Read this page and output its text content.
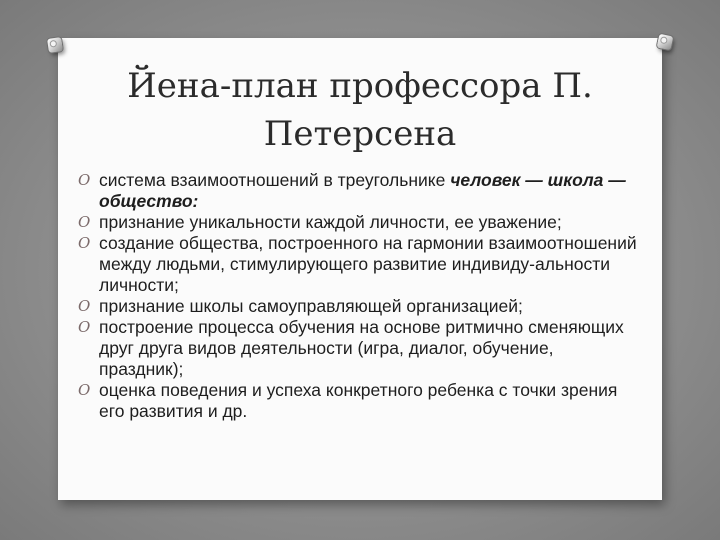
Йена-план профессора П.
Петерсена
O система взаимоотношений в треугольнике человек — школа — общество:
O признание уникальности каждой личности, ее уважение;
O создание общества, построенного на гармонии взаимоотношений между людьми, стимулирующего развитие индивиду-альности личности;
O признание школы самоуправляющей организацией;
O построение процесса обучения на основе ритмично сменяющих друг друга видов деятельности (игра, диалог, обучение, праздник);
O оценка поведения и успеха конкретного ребенка с точки зрения его развития и др.
